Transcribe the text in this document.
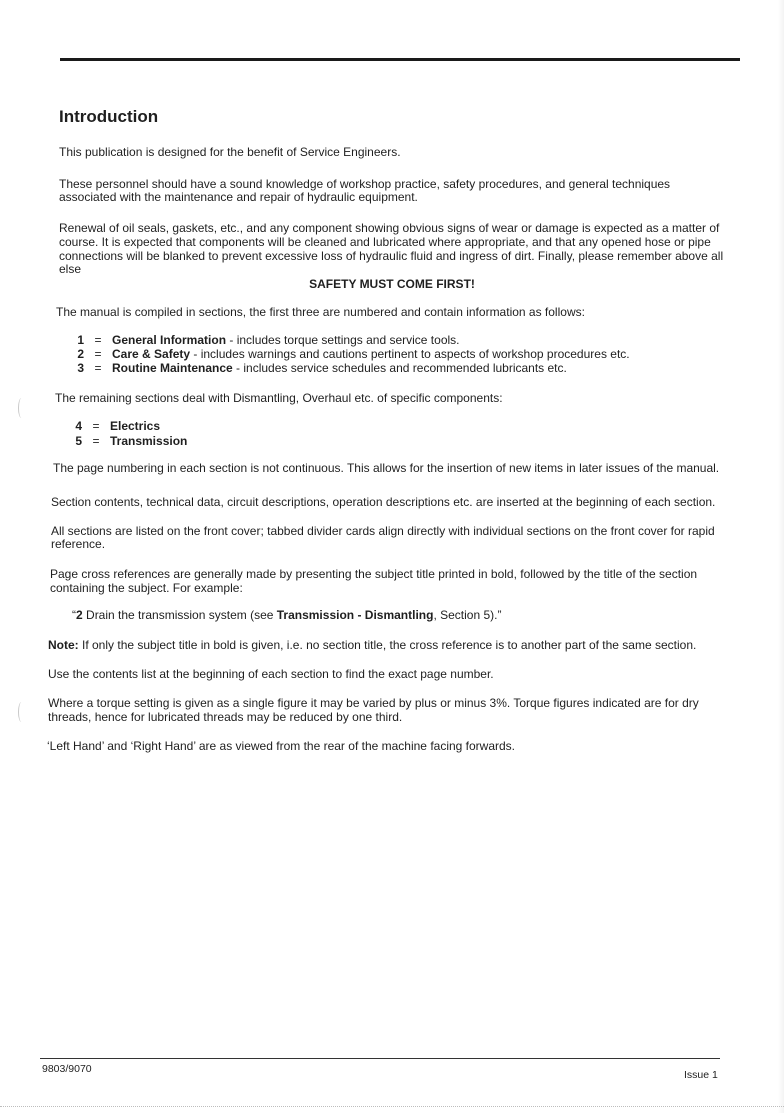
Introduction
This publication is designed for the benefit of Service Engineers.
These personnel should have a sound knowledge of workshop practice, safety procedures, and general techniques
associated with the maintenance and repair of hydraulic equipment.
Renewal of oil seals, gaskets, etc., and any component showing obvious signs of wear or damage is expected as a matter of
course. It is expected that components will be cleaned and lubricated where appropriate, and that any opened hose or pipe
connections will be blanked to prevent excessive loss of hydraulic fluid and ingress of dirt. Finally, please remember above all
else
SAFETY MUST COME FIRST!
The manual is compiled in sections, the first three are numbered and contain information as follows:
1 = General Information - includes torque settings and service tools.
2 = Care & Safety - includes warnings and cautions pertinent to aspects of workshop procedures etc.
3 = Routine Maintenance - includes service schedules and recommended lubricants etc.
The remaining sections deal with Dismantling, Overhaul etc. of specific components:
4 = Electrics
5 = Transmission
The page numbering in each section is not continuous. This allows for the insertion of new items in later issues of the manual.
Section contents, technical data, circuit descriptions, operation descriptions etc. are inserted at the beginning of each section.
All sections are listed on the front cover; tabbed divider cards align directly with individual sections on the front cover for rapid
reference.
Page cross references are generally made by presenting the subject title printed in bold, followed by the title of the section
containing the subject. For example:
“2 Drain the transmission system (see Transmission - Dismantling, Section 5).”
Note: If only the subject title in bold is given, i.e. no section title, the cross reference is to another part of the same section.
Use the contents list at the beginning of each section to find the exact page number.
Where a torque setting is given as a single figure it may be varied by plus or minus 3%. Torque figures indicated are for dry
threads, hence for lubricated threads may be reduced by one third.
‘Left Hand’ and ‘Right Hand’ are as viewed from the rear of the machine facing forwards.
9803/9070	Issue 1
